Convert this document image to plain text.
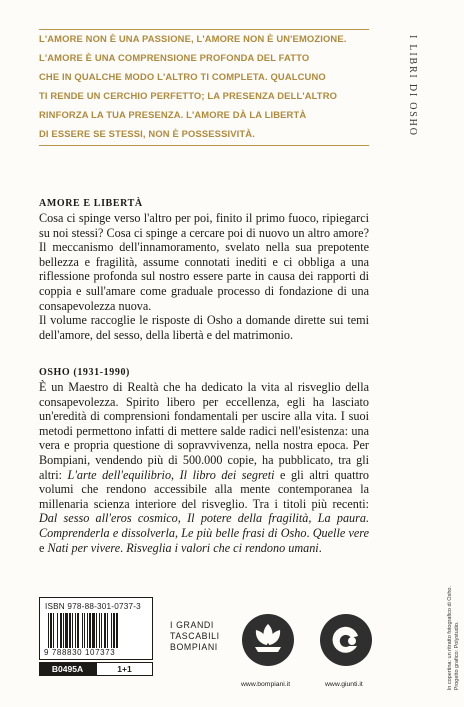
L'AMORE NON È UNA PASSIONE, L'AMORE NON È UN'EMOZIONE.
L'AMORE È UNA COMPRENSIONE PROFONDA DEL FATTO
CHE IN QUALCHE MODO L'ALTRO TI COMPLETA. QUALCUNO
TI RENDE UN CERCHIO PERFETTO; LA PRESENZA DELL'ALTRO
RINFORZA LA TUA PRESENZA. L'AMORE DÀ LA LIBERTÀ
DI ESSERE SE STESSI, NON È POSSESSIVITÀ.	I LIBRI DI OSHO
AMORE E LIBERTÀ

Cosa ci spinge verso l'altro per poi, finito il primo fuoco, ripiegarci su noi stessi? Cosa ci spinge a cercare poi di nuovo un altro amore? Il meccanismo dell'innamoramento, svelato nella sua prepotente bellezza e fragilità, assume connotati inediti e ci obbliga a una riflessione profonda sul nostro essere parte in causa dei rapporti di coppia e sull'amare come graduale processo di fondazione di una consapevolezza nuova.

Il volume raccoglie le risposte di Osho a domande dirette sui temi dell'amore, del sesso, della libertà e del matrimonio.

OSHO (1931-1990)

È un Maestro di Realtà che ha dedicato la vita al risveglio della consapevolezza. Spirito libero per eccellenza, egli ha lasciato un'eredità di comprensioni fondamentali per uscire alla vita. I suoi metodi permettono infatti di mettere salde radici nell'esistenza: una vera e propria questione di sopravvivenza, nella nostra epoca. Per Bompiani, vendendo più di 500.000 copie, ha pubblicato, tra gli altri: L'arte dell'equilibrio, Il libro dei segreti e gli altri quattro volumi che rendono accessibile alla mente contemporanea la millenaria scienza interiore del risveglio. Tra i titoli più recenti: Dal sesso all'eros cosmico, Il potere della fragilità, La paura. Comprenderla e dissolverla, Le più belle frasi di Osho. Quelle vere e Nati per vivere. Risveglia i valori che ci rendono umani.

In copertina: un ritratto fotografico di Osho.
Progetto grafico: Polystudio.
ISBN 978-88-301-0737-3
9 788830 107373
B0495A	1+1
I GRANDI
TASCABILI
BOMPIANI
www.bompiani.it	www.giunti.it
